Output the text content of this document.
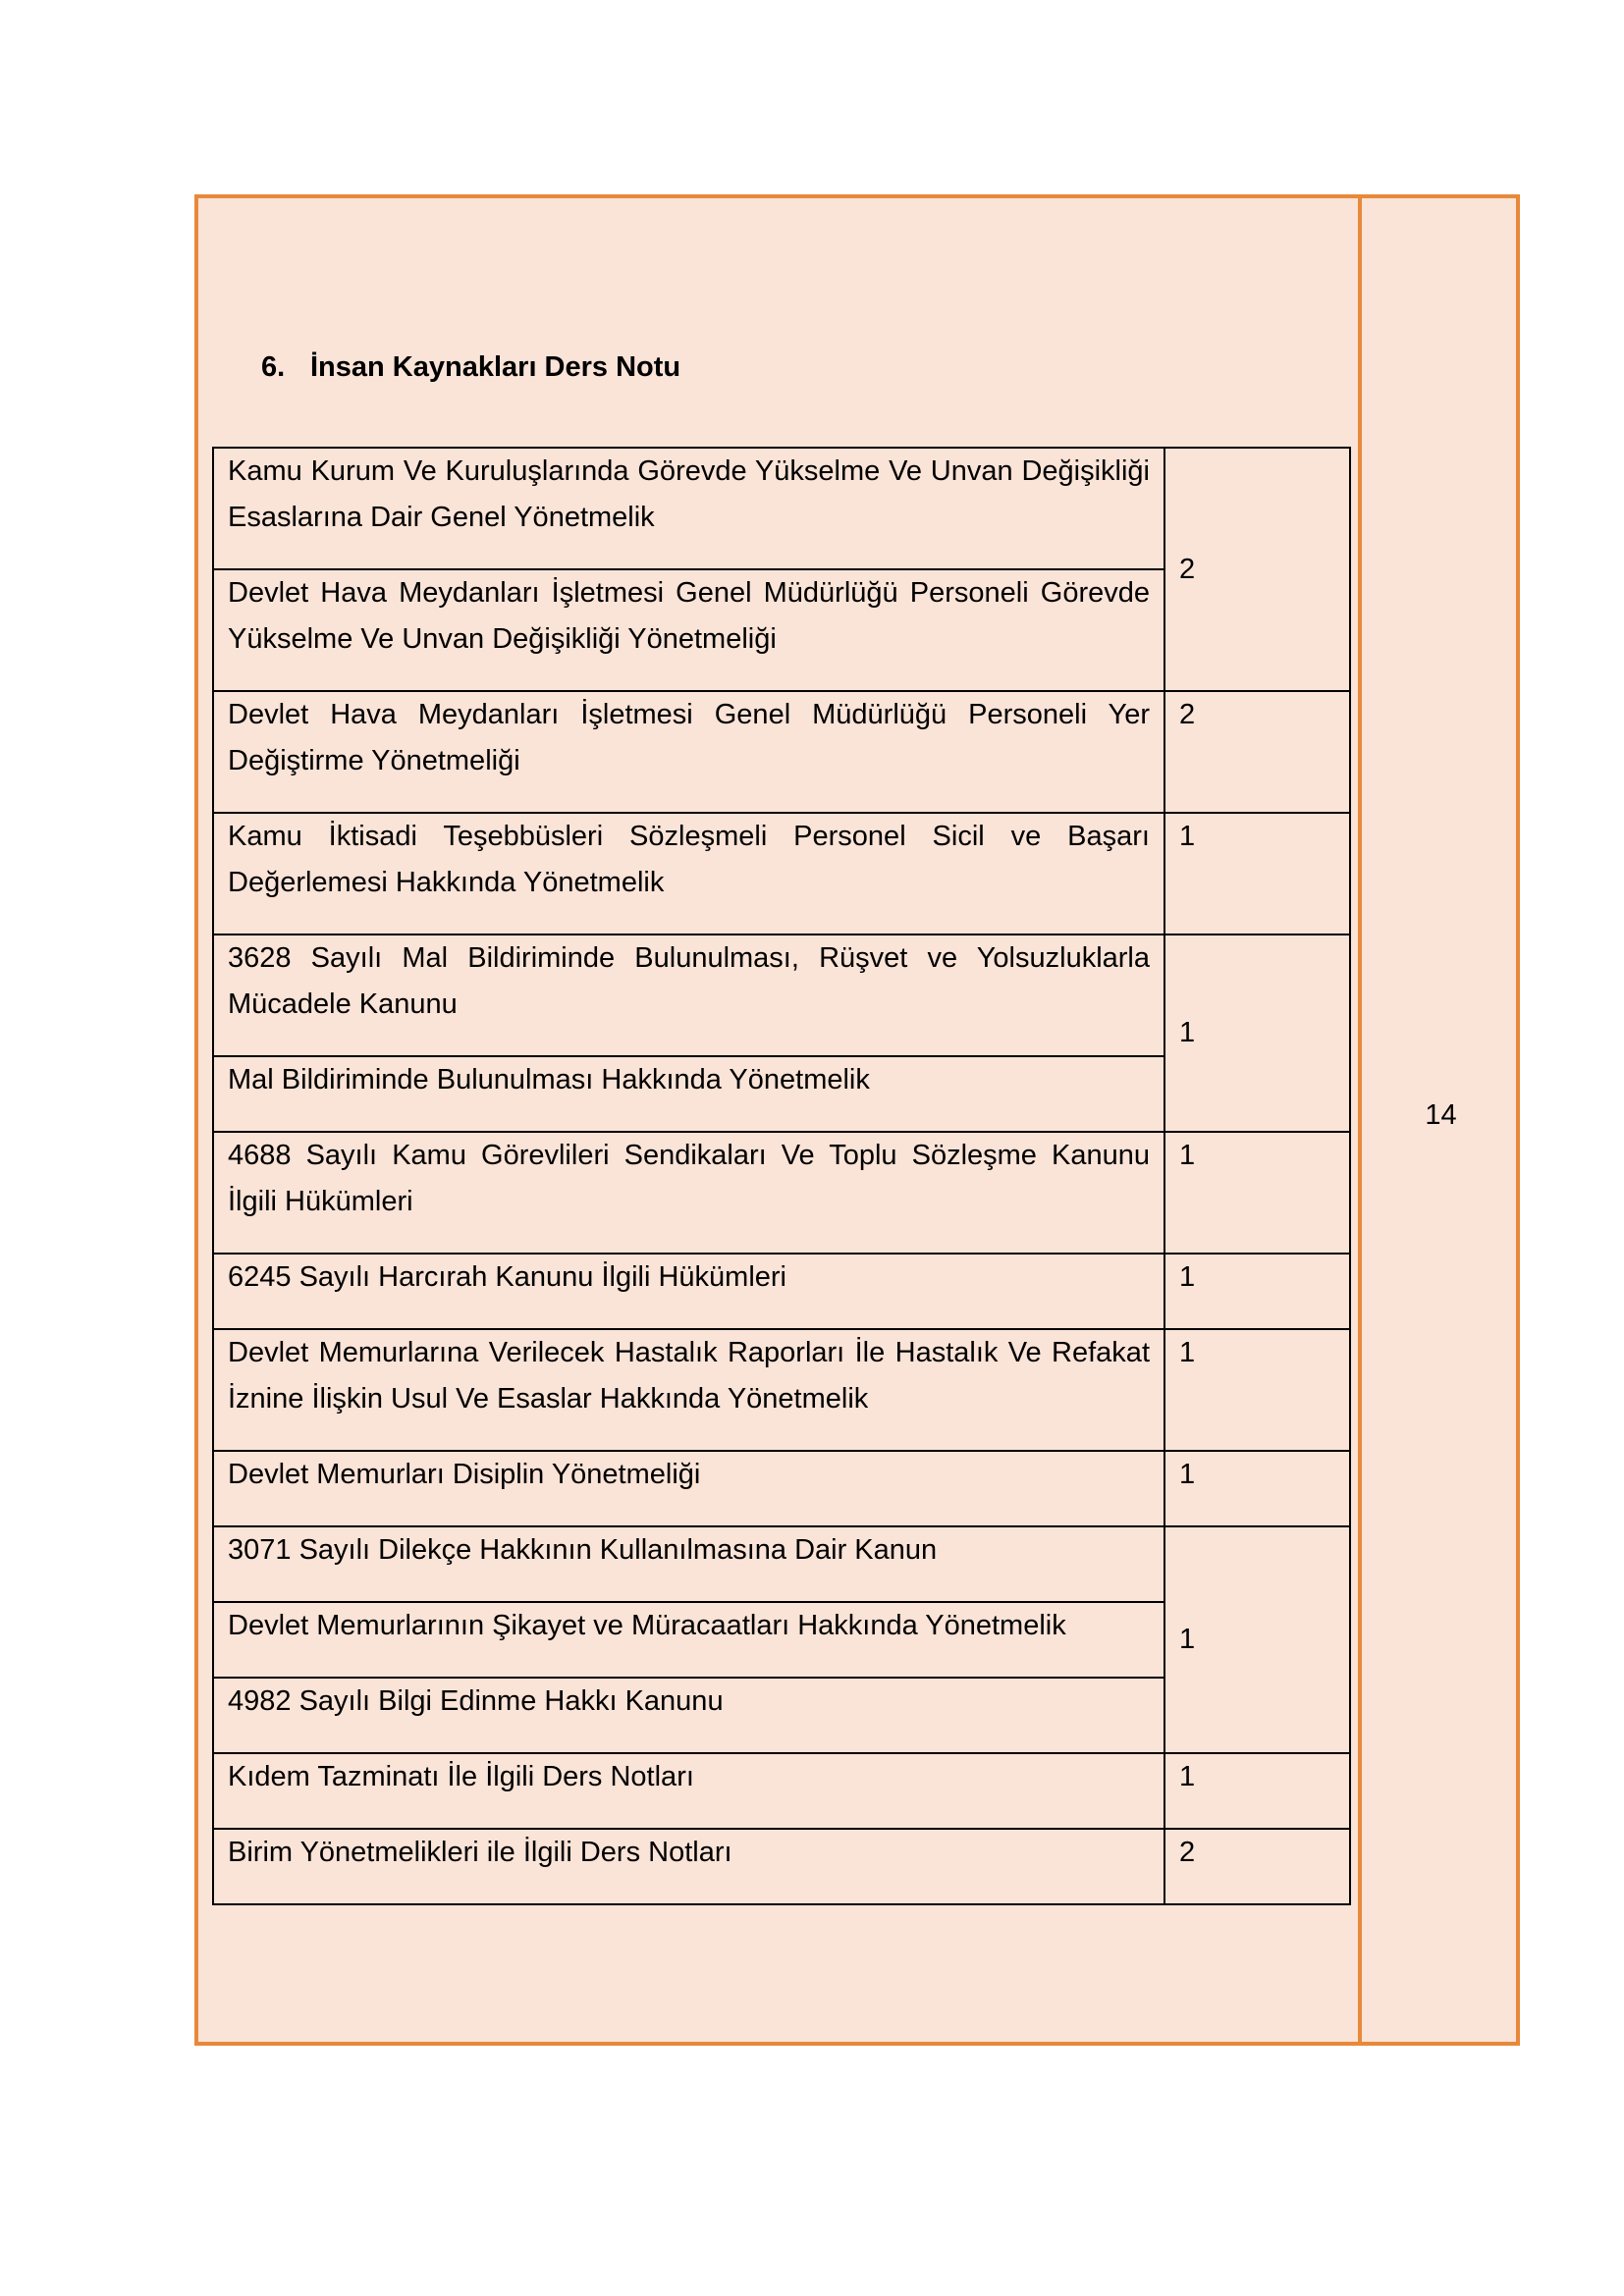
14
6. İnsan Kaynakları Ders Notu
Kamu Kurum Ve Kuruluşlarında Görevde Yükselme Ve Unvan Değişikliği Esaslarına Dair Genel Yönetmelik	2
Devlet Hava Meydanları İşletmesi Genel Müdürlüğü Personeli Görevde Yükselme Ve Unvan Değişikliği Yönetmeliği	
Devlet Hava Meydanları İşletmesi Genel Müdürlüğü Personeli Yer Değiştirme Yönetmeliği	2
Kamu İktisadi Teşebbüsleri Sözleşmeli Personel Sicil ve Başarı Değerlemesi Hakkında Yönetmelik	1
3628 Sayılı Mal Bildiriminde Bulunulması, Rüşvet ve Yolsuzluklarla Mücadele Kanunu	1
Mal Bildiriminde Bulunulması Hakkında Yönetmelik	
4688 Sayılı Kamu Görevlileri Sendikaları Ve Toplu Sözleşme Kanunu İlgili Hükümleri	1
6245 Sayılı Harcırah Kanunu İlgili Hükümleri	1
Devlet Memurlarına Verilecek Hastalık Raporları İle Hastalık Ve Refakat İznine İlişkin Usul Ve Esaslar Hakkında Yönetmelik	1
Devlet Memurları Disiplin Yönetmeliği	1
3071 Sayılı Dilekçe Hakkının Kullanılmasına Dair Kanun	1
Devlet Memurlarının Şikayet ve Müracaatları Hakkında Yönetmelik	
4982 Sayılı Bilgi Edinme Hakkı Kanunu	
Kıdem Tazminatı İle İlgili Ders Notları	1
Birim Yönetmelikleri ile İlgili Ders Notları	2
